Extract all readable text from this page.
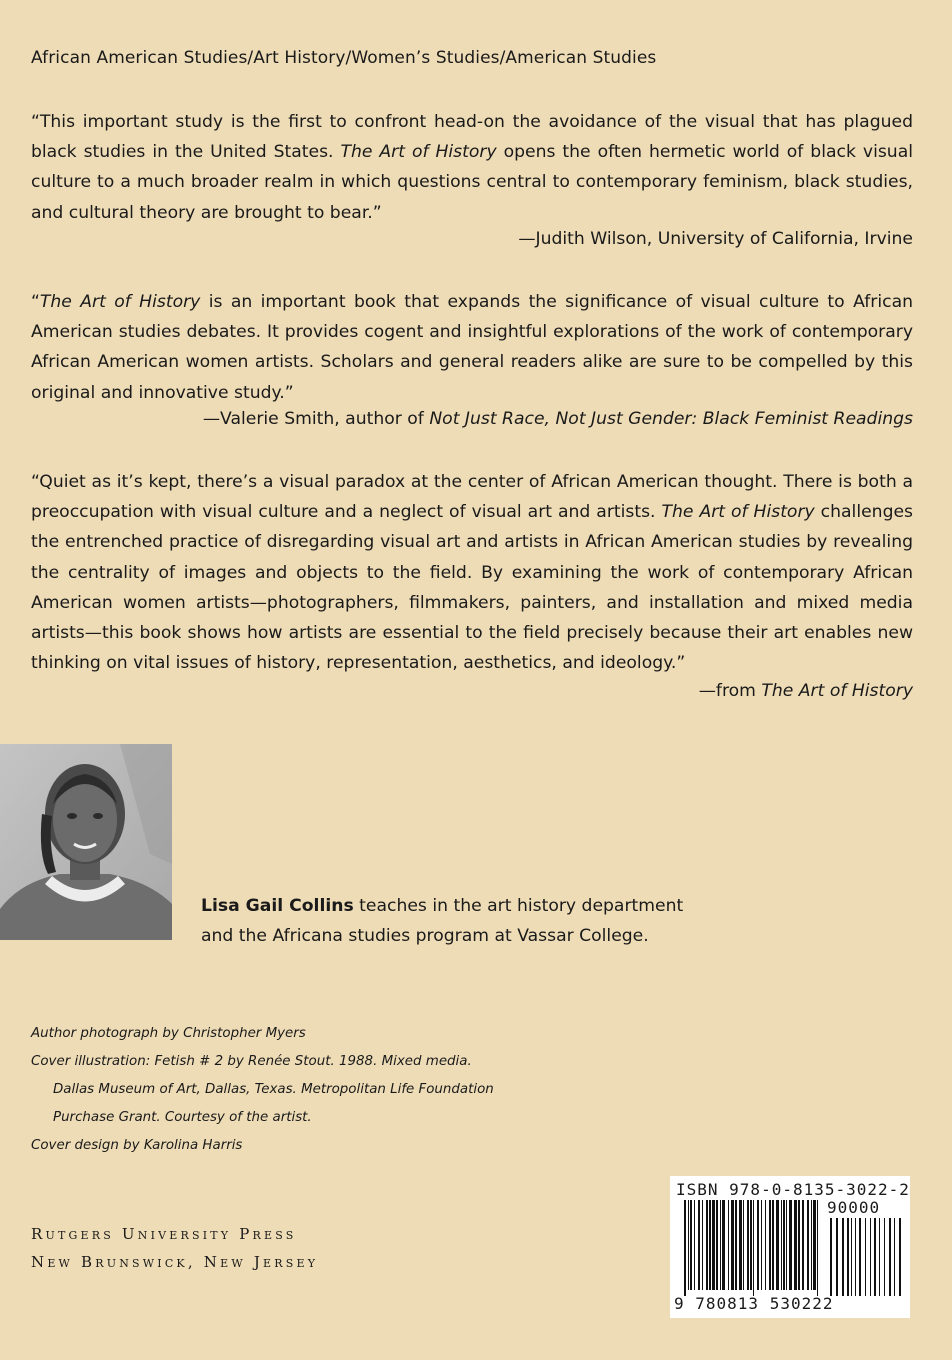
African American Studies/Art History/Women’s Studies/American Studies

“This important study is the first to confront head-on the avoidance of the visual that has plagued black studies in the United States. The Art of History opens the often hermetic world of black visual culture to a much broader realm in which questions central to contemporary feminism, black studies, and cultural theory are brought to bear.”

—Judith Wilson, University of California, Irvine

“The Art of History is an important book that expands the significance of visual culture to African American studies debates. It provides cogent and insightful explorations of the work of contemporary African American women artists. Scholars and general readers alike are sure to be compelled by this original and innovative study.”

—Valerie Smith, author of Not Just Race, Not Just Gender: Black Feminist Readings

“Quiet as it’s kept, there’s a visual paradox at the center of African American thought. There is both a preoccupation with visual culture and a neglect of visual art and artists. The Art of History challenges the entrenched practice of disregarding visual art and artists in African American studies by revealing the centrality of images and objects to the field. By examining the work of contemporary African American women artists—photographers, filmmakers, painters, and installation and mixed media artists—this book shows how artists are essential to the field precisely because their art enables new thinking on vital issues of history, representation, aesthetics, and ideology.”

—from The Art of History
Lisa Gail Collins teaches in the art history department
and the Africana studies program at Vassar College.
Author photograph by Christopher Myers
Cover illustration: Fetish # 2 by Renée Stout. 1988. Mixed media.
Dallas Museum of Art, Dallas, Texas. Metropolitan Life Foundation
Purchase Grant. Courtesy of the artist.
Cover design by Karolina Harris
Rutgers University Press
New Brunswick, New Jersey
ISBN 978-0-8135-3022-2
90000
9 780813 530222
